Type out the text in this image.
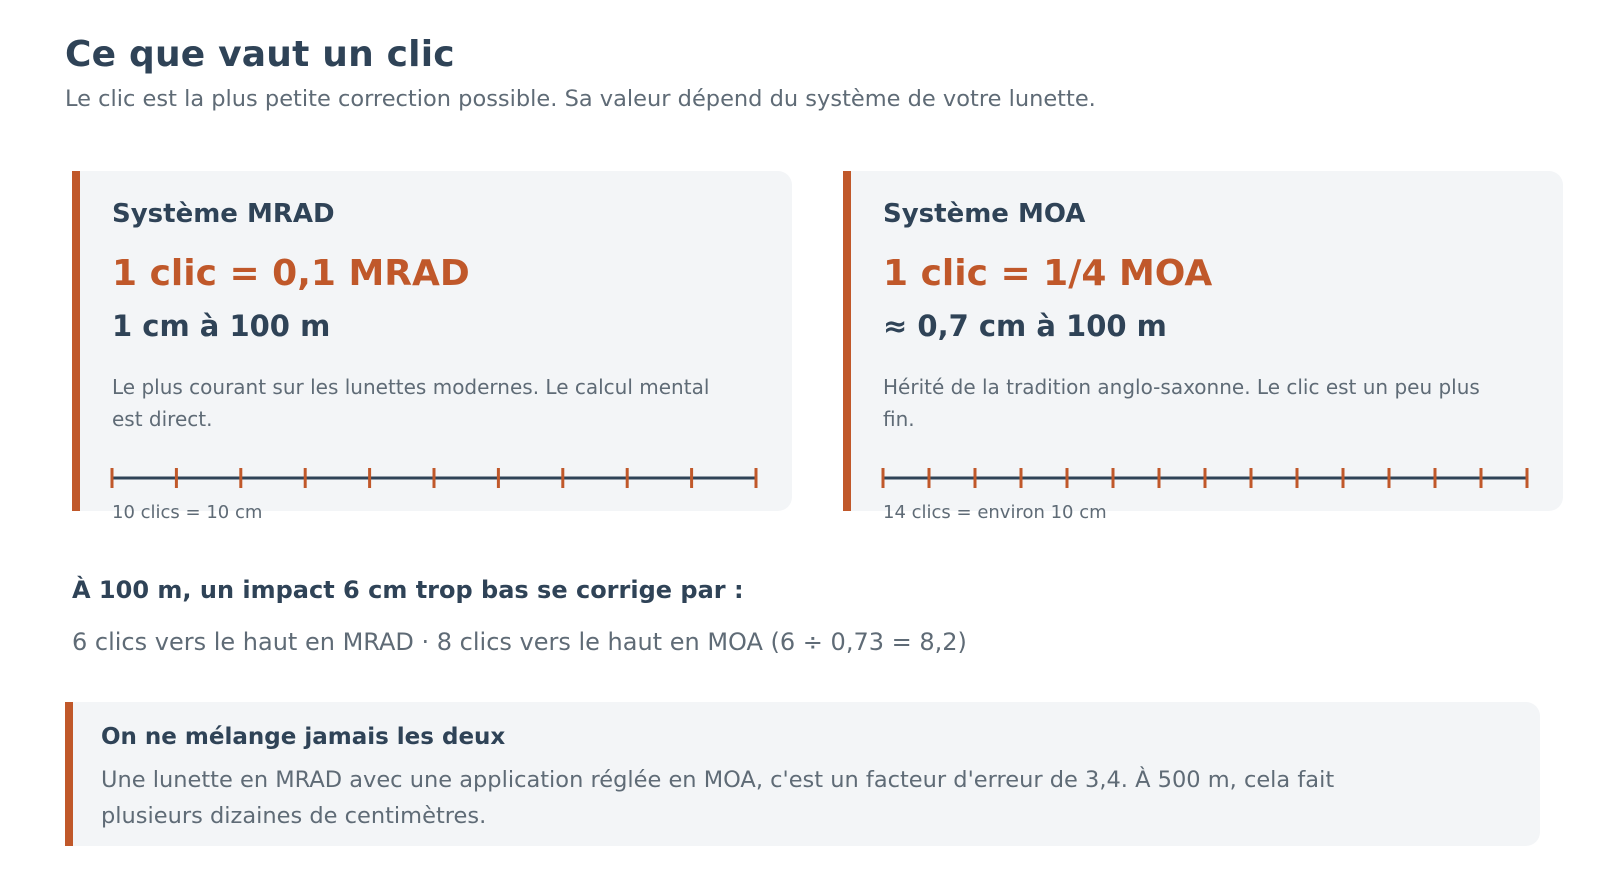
Ce que vaut un clic

Le clic est la plus petite correction possible. Sa valeur dépend du système de votre lunette.

Système MRAD
1 clic = 0,1 MRAD
1 cm à 100 m
Le plus courant sur les lunettes modernes. Le calcul mental est direct.
10 clics = 10 cm
Système MOA
1 clic = 1/4 MOA
≈ 0,7 cm à 100 m
Hérité de la tradition anglo-saxonne. Le clic est un peu plus fin.
14 clics = environ 10 cm
À 100 m, un impact 6 cm trop bas se corrige par :

6 clics vers le haut en MRAD · 8 clics vers le haut en MOA (6 ÷ 0,73 = 8,2)

On ne mélange jamais les deux
Une lunette en MRAD avec une application réglée en MOA, c'est un facteur d'erreur de 3,4. À 500 m, cela fait plusieurs dizaines de centimètres.
